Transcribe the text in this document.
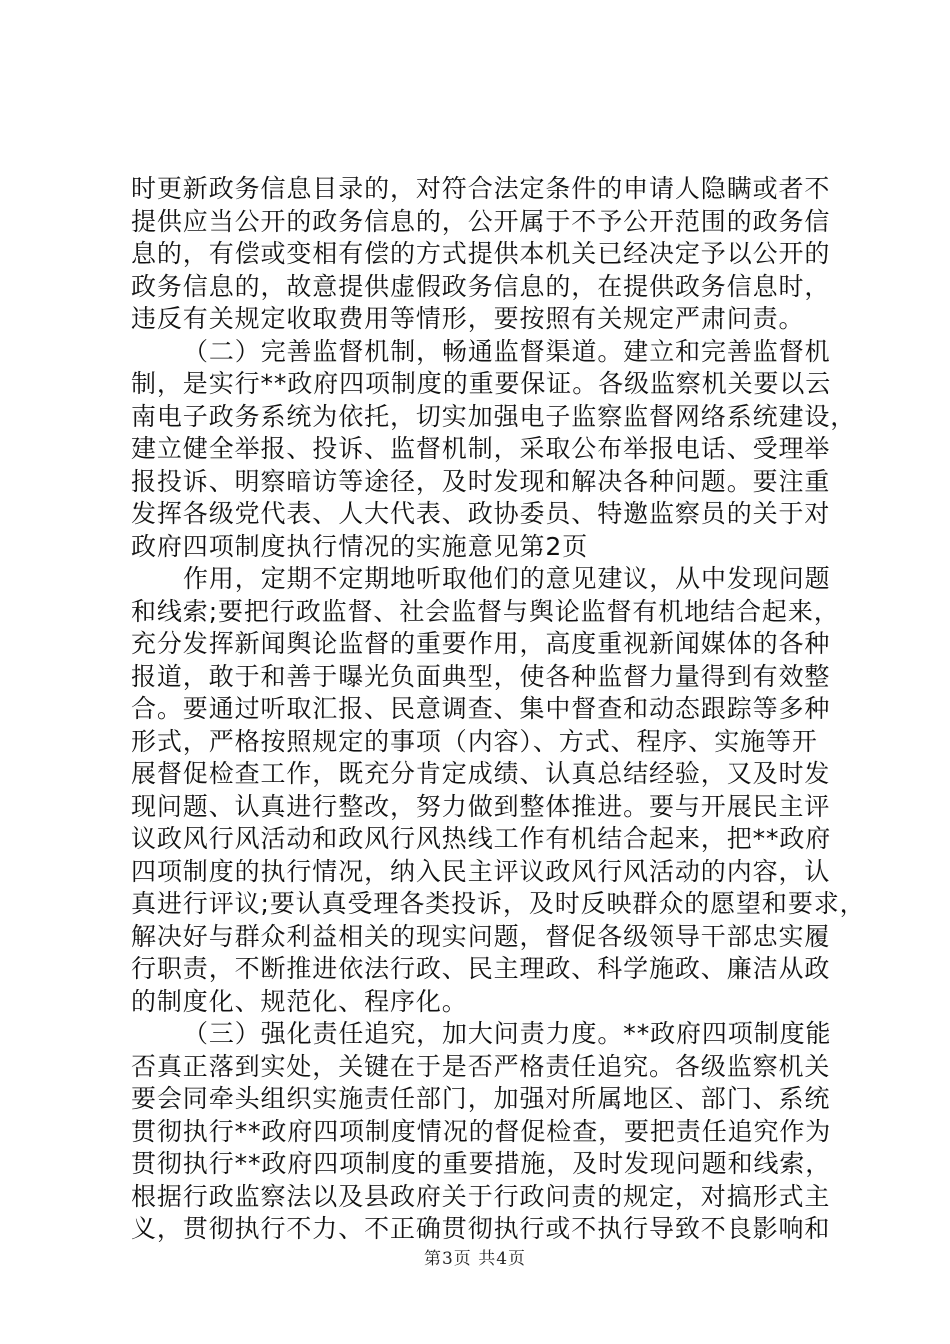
时更新政务信息目录的，对符合法定条件的申请人隐瞒或者不
提供应当公开的政务信息的，公开属于不予公开范围的政务信
息的，有偿或变相有偿的方式提供本机关已经决定予以公开的
政务信息的，故意提供虚假政务信息的，在提供政务信息时，
违反有关规定收取费用等情形，要按照有关规定严肃问责。
（二）完善监督机制，畅通监督渠道。建立和完善监督机
制，是实行**政府四项制度的重要保证。各级监察机关要以云
南电子政务系统为依托，切实加强电子监察监督网络系统建设，
建立健全举报、投诉、监督机制，采取公布举报电话、受理举
报投诉、明察暗访等途径，及时发现和解决各种问题。要注重
发挥各级党代表、人大代表、政协委员、特邀监察员的关于对
政府四项制度执行情况的实施意见第2页
作用，定期不定期地听取他们的意见建议，从中发现问题
和线索;要把行政监督、社会监督与舆论监督有机地结合起来，
充分发挥新闻舆论监督的重要作用，高度重视新闻媒体的各种
报道，敢于和善于曝光负面典型，使各种监督力量得到有效整
合。要通过听取汇报、民意调查、集中督查和动态跟踪等多种
形式，严格按照规定的事项（内容）、方式、程序、实施等开
展督促检查工作，既充分肯定成绩、认真总结经验，又及时发
现问题、认真进行整改，努力做到整体推进。要与开展民主评
议政风行风活动和政风行风热线工作有机结合起来，把**政府
四项制度的执行情况，纳入民主评议政风行风活动的内容，认
真进行评议;要认真受理各类投诉，及时反映群众的愿望和要求，
解决好与群众利益相关的现实问题，督促各级领导干部忠实履
行职责，不断推进依法行政、民主理政、科学施政、廉洁从政
的制度化、规范化、程序化。
（三）强化责任追究，加大问责力度。**政府四项制度能
否真正落到实处，关键在于是否严格责任追究。各级监察机关
要会同牵头组织实施责任部门，加强对所属地区、部门、系统
贯彻执行**政府四项制度情况的督促检查，要把责任追究作为
贯彻执行**政府四项制度的重要措施，及时发现问题和线索，
根据行政监察法以及县政府关于行政问责的规定，对搞形式主
义，贯彻执行不力、不正确贯彻执行或不执行导致不良影响和
第3页 共4页
